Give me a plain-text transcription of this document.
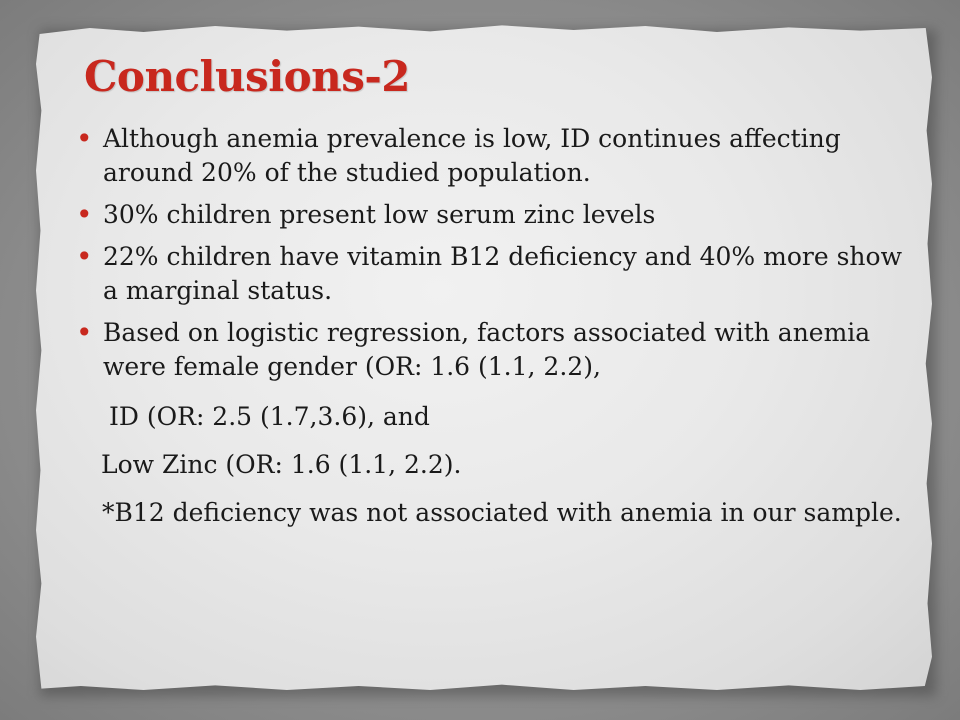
Conclusions-2
• Although anemia prevalence is low, ID continues affecting around 20% of the studied population.
• 30% children present low serum zinc levels
• 22% children have vitamin B12 deficiency and 40% more show a marginal status.
• Based on logistic regression, factors associated with anemia were female gender (OR: 1.6 (1.1, 2.2),
ID (OR: 2.5 (1.7,3.6), and
Low Zinc (OR: 1.6 (1.1, 2.2).
*B12 deficiency was not associated with anemia in our sample.
